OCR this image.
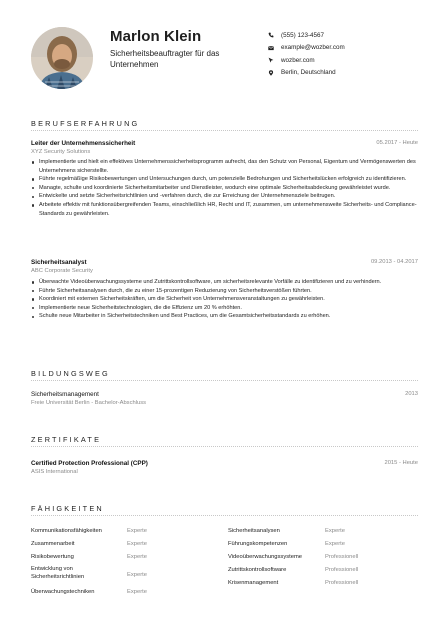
Marlon Klein
Sicherheitsbeauftragter für das Unternehmen
(555) 123-4567
example@wozber.com
wozber.com
Berlin, Deutschland
BERUFSERFAHRUNG
Leiter der Unternehmenssicherheit	05.2017 - Heute
XYZ Security Solutions
Implementierte und hielt ein effektives Unternehmenssicherheitsprogramm aufrecht, das den Schutz von Personal, Eigentum und Vermögenswerten des Unternehmens sicherstellte.
Führte regelmäßige Risikobewertungen und Untersuchungen durch, um potenzielle Bedrohungen und Sicherheitslücken erfolgreich zu identifizieren.
Managte, schulte und koordinierte Sicherheitsmitarbeiter und Dienstleister, wodurch eine optimale Sicherheitsabdeckung gewährleistet wurde.
Entwickelte und setzte Sicherheitsrichtlinien und -verfahren durch, die zur Erreichung der Unternehmensziele beitrugen.
Arbeitete effektiv mit funktionsübergreifenden Teams, einschließlich HR, Recht und IT, zusammen, um unternehmensweite Sicherheits- und Compliance-Standards zu gewährleisten.
Sicherheitsanalyst	09.2013 - 04.2017
ABC Corporate Security
Überwachte Videoüberwachungssysteme und Zutrittskontrollsoftware, um sicherheitsrelevante Vorfälle zu identifizieren und zu verhindern.
Führte Sicherheitsanalysen durch, die zu einer 15-prozentigen Reduzierung von Sicherheitsverstößen führten.
Koordiniert mit externen Sicherheitskräften, um die Sicherheit von Unternehmensveranstaltungen zu gewährleisten.
Implementierte neue Sicherheitstechnologien, die die Effizienz um 20 % erhöhten.
Schulte neue Mitarbeiter in Sicherheitstechniken und Best Practices, um die Gesamtsicherheitsstandards zu erhöhen.
BILDUNGSWEG
Sicherheitsmanagement	2013
Freie Universität Berlin - Bachelor-Abschluss
ZERTIFIKATE
Certified Protection Professional (CPP)	2015 - Heute
ASIS International
FÄHIGKEITEN
Kommunikationsfähigkeiten	Experte
Zusammenarbeit	Experte
Risikobewertung	Experte
Entwicklung von Sicherheitsrichtlinien	Experte
Überwachungstechniken	Experte
Sicherheitsanalysen	Experte
Führungskompetenzen	Experte
Videoüberwachungssysteme	Professionell
Zutrittskontrollsoftware	Professionell
Krisenmanagement	Professionell
